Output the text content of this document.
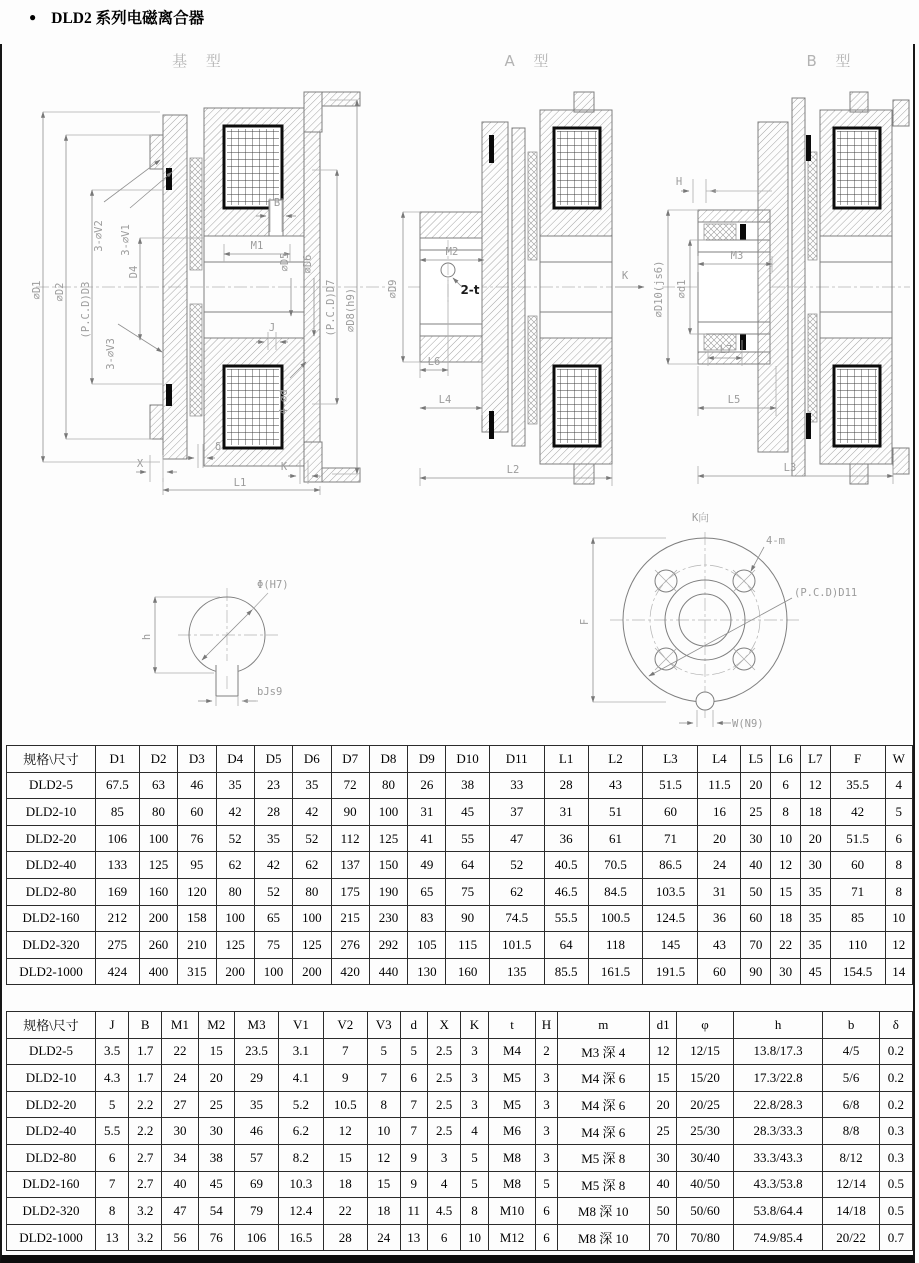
● DLD2 系列电磁离合器
基 型
∅D1 ∅D2 (P.C.D)D3
D4
3-∅V2 3-∅V1
3-∅V3
B
M1
J
∅D5 ∅D6
(P.C.D)D7 ∅D8(h9)
4-∅d
X
δ
K
L1
A 型
∅D9
M2
2-t
L6
L4
L2
K
B 型
H
∅D10(js6) ∅d1
M3
L7
L5
L3
Φ(H7)
h
bJs9
K向
4-m
(P.C.D)D11
F
W(N9)
规格\尺寸	D1	D2	D3	D4	D5	D6	D7	D8	D9	D10	D11	L1	L2	L3	L4	L5	L6	L7	F	W
DLD2-5	67.5	63	46	35	23	35	72	80	26	38	33	28	43	51.5	11.5	20	6	12	35.5	4
DLD2-10	85	80	60	42	28	42	90	100	31	45	37	31	51	60	16	25	8	18	42	5
DLD2-20	106	100	76	52	35	52	112	125	41	55	47	36	61	71	20	30	10	20	51.5	6
DLD2-40	133	125	95	62	42	62	137	150	49	64	52	40.5	70.5	86.5	24	40	12	30	60	8
DLD2-80	169	160	120	80	52	80	175	190	65	75	62	46.5	84.5	103.5	31	50	15	35	71	8
DLD2-160	212	200	158	100	65	100	215	230	83	90	74.5	55.5	100.5	124.5	36	60	18	35	85	10
DLD2-320	275	260	210	125	75	125	276	292	105	115	101.5	64	118	145	43	70	22	35	110	12
DLD2-1000	424	400	315	200	100	200	420	440	130	160	135	85.5	161.5	191.5	60	90	30	45	154.5	14
规格\尺寸	J	B	M1	M2	M3	V1	V2	V3	d	X	K	t	H	m	d1	φ	h	b	δ
DLD2-5	3.5	1.7	22	15	23.5	3.1	7	5	5	2.5	3	M4	2	M3 深 4	12	12/15	13.8/17.3	4/5	0.2
DLD2-10	4.3	1.7	24	20	29	4.1	9	7	6	2.5	3	M5	3	M4 深 6	15	15/20	17.3/22.8	5/6	0.2
DLD2-20	5	2.2	27	25	35	5.2	10.5	8	7	2.5	3	M5	3	M4 深 6	20	20/25	22.8/28.3	6/8	0.2
DLD2-40	5.5	2.2	30	30	46	6.2	12	10	7	2.5	4	M6	3	M4 深 6	25	25/30	28.3/33.3	8/8	0.3
DLD2-80	6	2.7	34	38	57	8.2	15	12	9	3	5	M8	3	M5 深 8	30	30/40	33.3/43.3	8/12	0.3
DLD2-160	7	2.7	40	45	69	10.3	18	15	9	4	5	M8	5	M5 深 8	40	40/50	43.3/53.8	12/14	0.5
DLD2-320	8	3.2	47	54	79	12.4	22	18	11	4.5	8	M10	6	M8 深 10	50	50/60	53.8/64.4	14/18	0.5
DLD2-1000	13	3.2	56	76	106	16.5	28	24	13	6	10	M12	6	M8 深 10	70	70/80	74.9/85.4	20/22	0.7
